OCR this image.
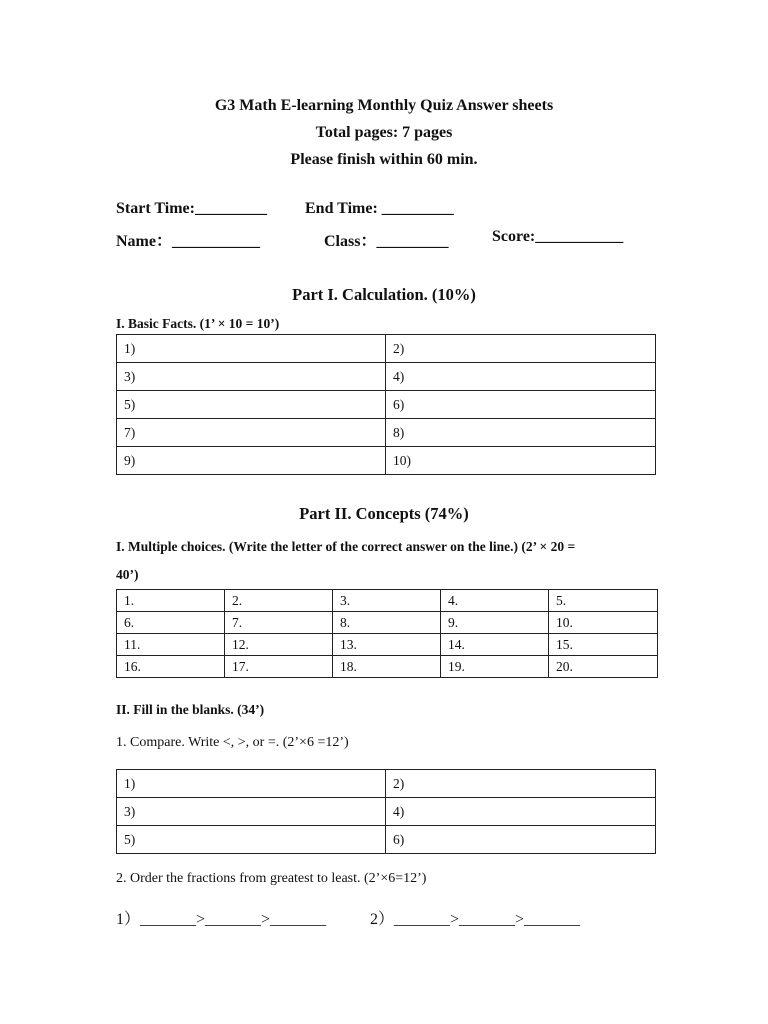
G3 Math E-learning Monthly Quiz Answer sheets
Total pages: 7 pages
Please finish within 60 min.
Start Time:_________ End Time: _________
Name：___________	Class：_________	Score:___________
Part I. Calculation. (10%)
I. Basic Facts. (1’ × 10 = 10’)
1)	2)
3)	4)
5)	6)
7)	8)
9)	10)
Part II. Concepts (74%)
I. Multiple choices. (Write the letter of the correct answer on the line.) (2’ × 20 =
40’)
1.	2.	3.	4.	5.
6.	7.	8.	9.	10.
11.	12.	13.	14.	15.
16.	17.	18.	19.	20.
II. Fill in the blanks. (34’)
1. Compare. Write <, >, or =. (2’×6 =12’)
1)	2)
3)	4)
5)	6)
2. Order the fractions from greatest to least. (2’×6=12’)
1）_______>_______>_______	2）_______>_______>_______
